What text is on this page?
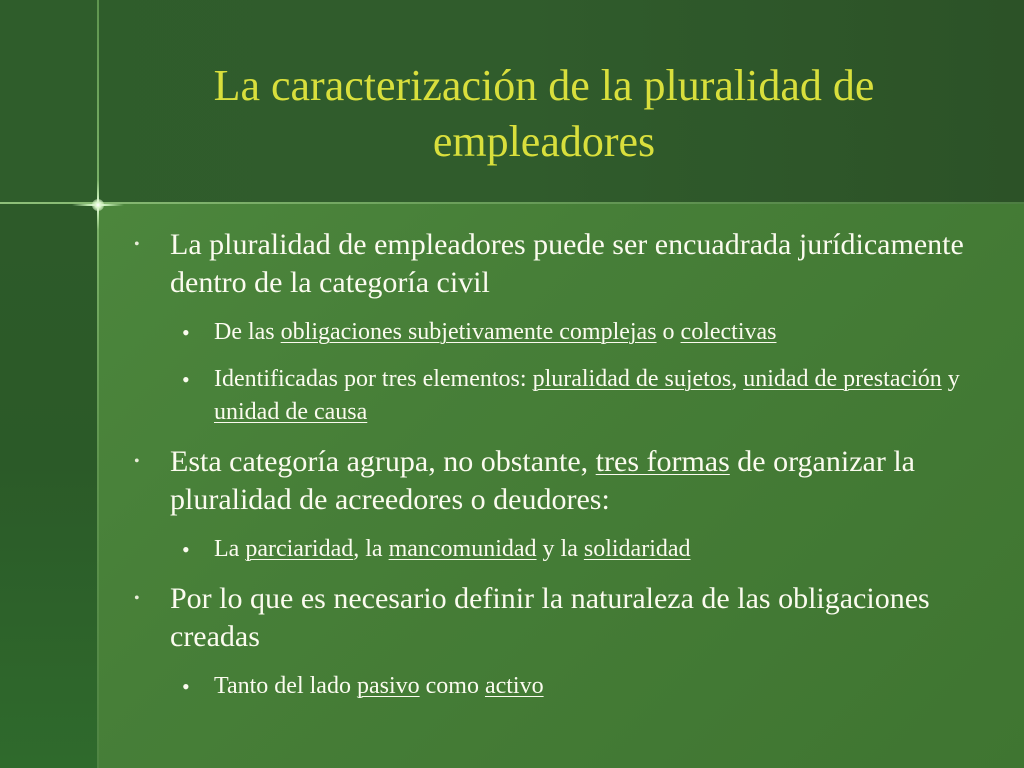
La caracterización de la pluralidad de empleadores
• La pluralidad de empleadores puede ser encuadrada jurídicamente dentro de la categoría civil
• De las obligaciones subjetivamente complejas o colectivas
• Identificadas por tres elementos: pluralidad de sujetos, unidad de prestación y unidad de causa
• Esta categoría agrupa, no obstante, tres formas de organizar la pluralidad de acreedores o deudores:
• La parciaridad, la mancomunidad y la solidaridad
• Por lo que es necesario definir la naturaleza de las obligaciones creadas
• Tanto del lado pasivo como activo
